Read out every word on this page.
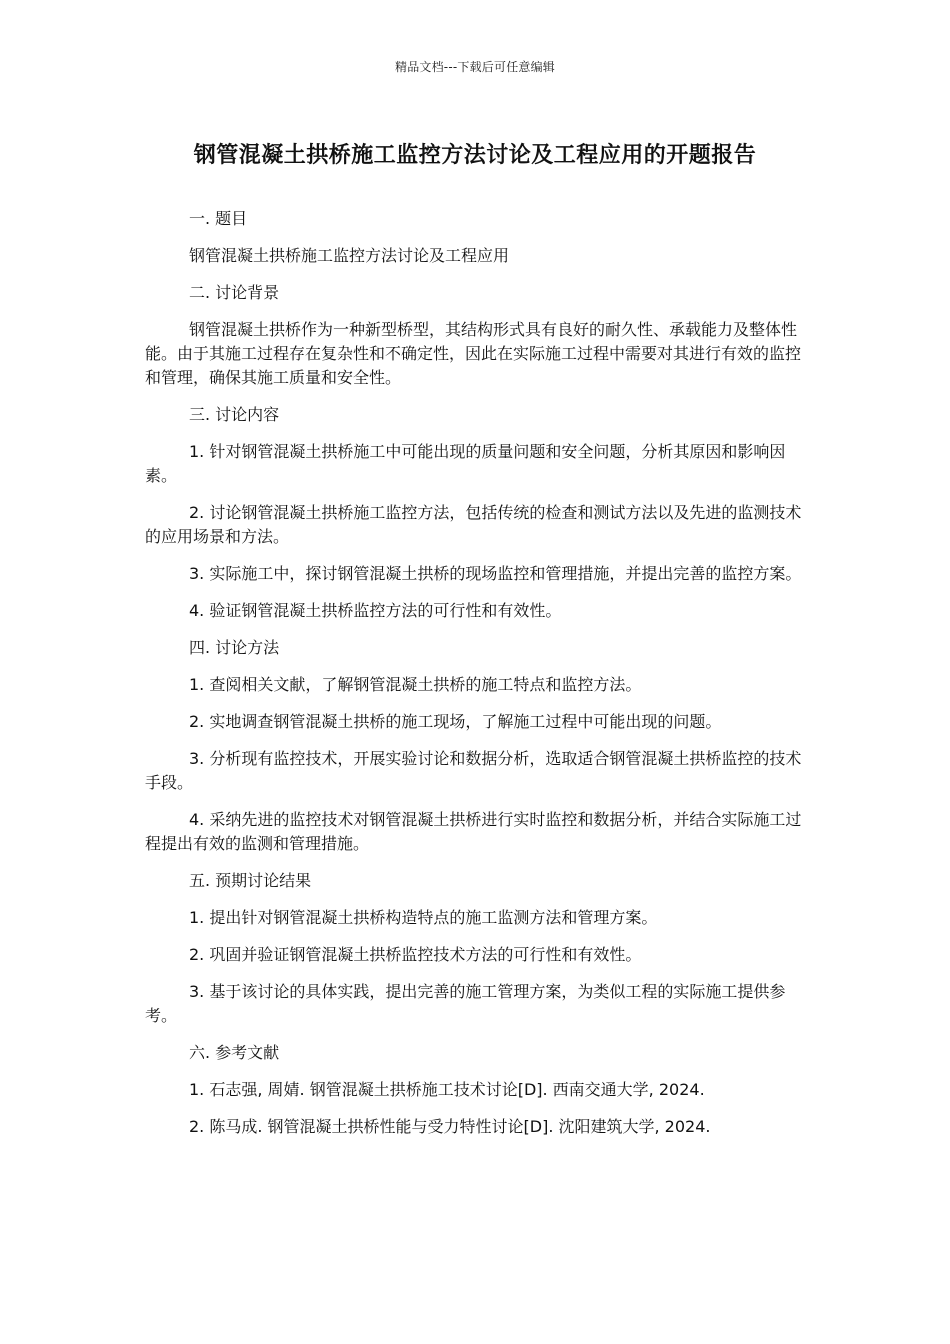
精品文档---下载后可任意编辑
钢管混凝土拱桥施工监控方法讨论及工程应用的开题报告

一. 题目

钢管混凝土拱桥施工监控方法讨论及工程应用

二. 讨论背景

钢管混凝土拱桥作为一种新型桥型，其结构形式具有良好的耐久性、承载能力及整体性能。由于其施工过程存在复杂性和不确定性，因此在实际施工过程中需要对其进行有效的监控和管理，确保其施工质量和安全性。

三. 讨论内容

1. 针对钢管混凝土拱桥施工中可能出现的质量问题和安全问题，分析其原因和影响因素。

2. 讨论钢管混凝土拱桥施工监控方法，包括传统的检查和测试方法以及先进的监测技术的应用场景和方法。

3. 实际施工中，探讨钢管混凝土拱桥的现场监控和管理措施，并提出完善的监控方案。

4. 验证钢管混凝土拱桥监控方法的可行性和有效性。

四. 讨论方法

1. 查阅相关文献，了解钢管混凝土拱桥的施工特点和监控方法。

2. 实地调查钢管混凝土拱桥的施工现场，了解施工过程中可能出现的问题。

3. 分析现有监控技术，开展实验讨论和数据分析，选取适合钢管混凝土拱桥监控的技术手段。

4. 采纳先进的监控技术对钢管混凝土拱桥进行实时监控和数据分析，并结合实际施工过程提出有效的监测和管理措施。

五. 预期讨论结果

1. 提出针对钢管混凝土拱桥构造特点的施工监测方法和管理方案。

2. 巩固并验证钢管混凝土拱桥监控技术方法的可行性和有效性。

3. 基于该讨论的具体实践，提出完善的施工管理方案，为类似工程的实际施工提供参考。

六. 参考文献

1. 石志强, 周婧. 钢管混凝土拱桥施工技术讨论[D]. 西南交通大学, 2024.

2. 陈马成. 钢管混凝土拱桥性能与受力特性讨论[D]. 沈阳建筑大学, 2024.
